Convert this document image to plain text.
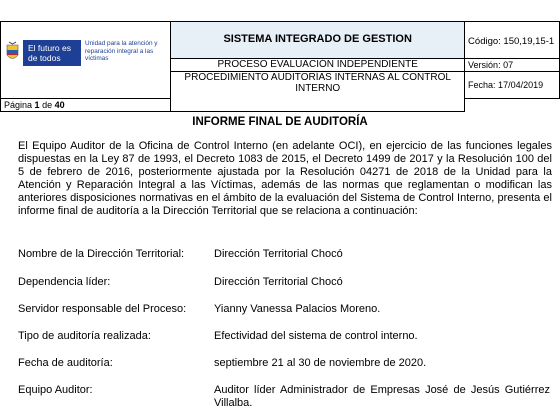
El futuro es de todos
Unidad para la atención y reparación integral a las víctimas	SISTEMA INTEGRADO DE GESTION	Código: 150,19,15-1

	PROCESO EVALUACIÓN INDEPENDIENTE	Versión: 07
	PROCEDIMIENTO AUDITORÍAS INTERNAS AL CONTROL INTERNO	Fecha: 17/04/2019
Página 1 de 40		
INFORME FINAL DE AUDITORÍA
El Equipo Auditor de la Oficina de Control Interno (en adelante OCI), en ejercicio de las funciones legales dispuestas en la Ley 87 de 1993, el Decreto 1083 de 2015, el Decreto 1499 de 2017 y la Resolución 100 del 5 de febrero de 2016, posteriormente ajustada por la Resolución 04271 de 2018 de la Unidad para la Atención y Reparación Integral a las Víctimas, además de las normas que reglamentan o modifican las anteriores disposiciones normativas en el ámbito de la evaluación del Sistema de Control Interno, presenta el informe final de auditoría a la Dirección Territorial que se relaciona a continuación:
Nombre de la Dirección Territorial:	Dirección Territorial Chocó
Dependencia líder:	Dirección Territorial Chocó
Servidor responsable del Proceso:	Yianny Vanessa Palacios Moreno.
Tipo de auditoría realizada:	Efectividad del sistema de control interno.
Fecha de auditoría:	septiembre 21 al 30 de noviembre de 2020.
Equipo Auditor:	Auditor líder Administrador de Empresas José de Jesús Gutiérrez Villalba.
